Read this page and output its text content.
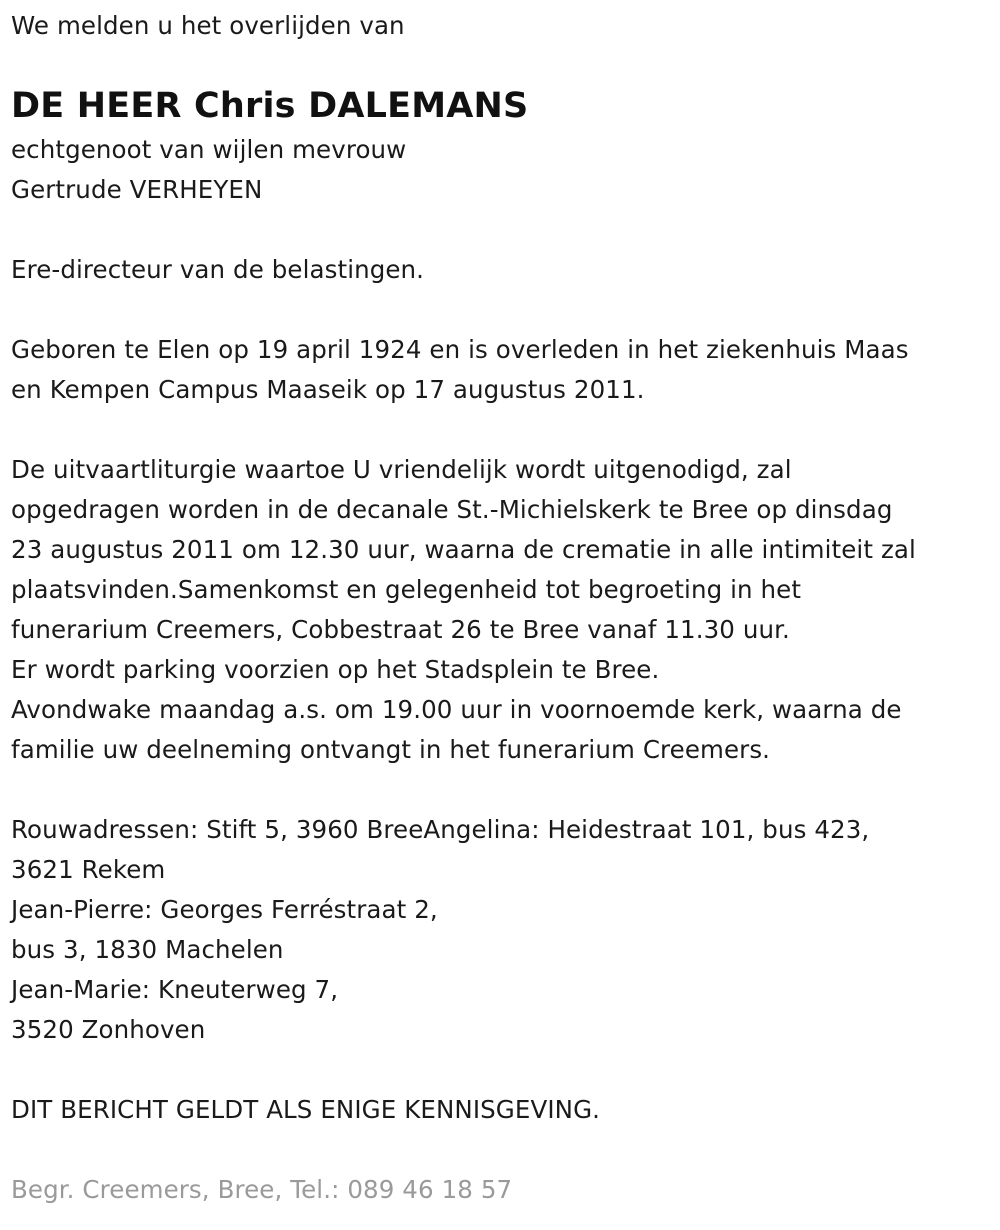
We melden u het overlijden van

DE HEER Chris DALEMANS

echtgenoot van wijlen mevrouw

Gertrude VERHEYEN

Ere-directeur van de belastingen.

Geboren te Elen op 19 april 1924 en is overleden in het ziekenhuis Maas

en Kempen Campus Maaseik op 17 augustus 2011.

De uitvaartliturgie waartoe U vriendelijk wordt uitgenodigd, zal

opgedragen worden in de decanale St.-Michielskerk te Bree op dinsdag

23 augustus 2011 om 12.30 uur, waarna de crematie in alle intimiteit zal

plaatsvinden.Samenkomst en gelegenheid tot begroeting in het

funerarium Creemers, Cobbestraat 26 te Bree vanaf 11.30 uur.

Er wordt parking voorzien op het Stadsplein te Bree.

Avondwake maandag a.s. om 19.00 uur in voornoemde kerk, waarna de

familie uw deelneming ontvangt in het funerarium Creemers.

Rouwadressen: Stift 5, 3960 BreeAngelina: Heidestraat 101, bus 423,

3621 Rekem

Jean-Pierre: Georges Ferréstraat 2,

bus 3, 1830 Machelen

Jean-Marie: Kneuterweg 7,

3520 Zonhoven

DIT BERICHT GELDT ALS ENIGE KENNISGEVING.

Begr. Creemers, Bree, Tel.: 089 46 18 57
